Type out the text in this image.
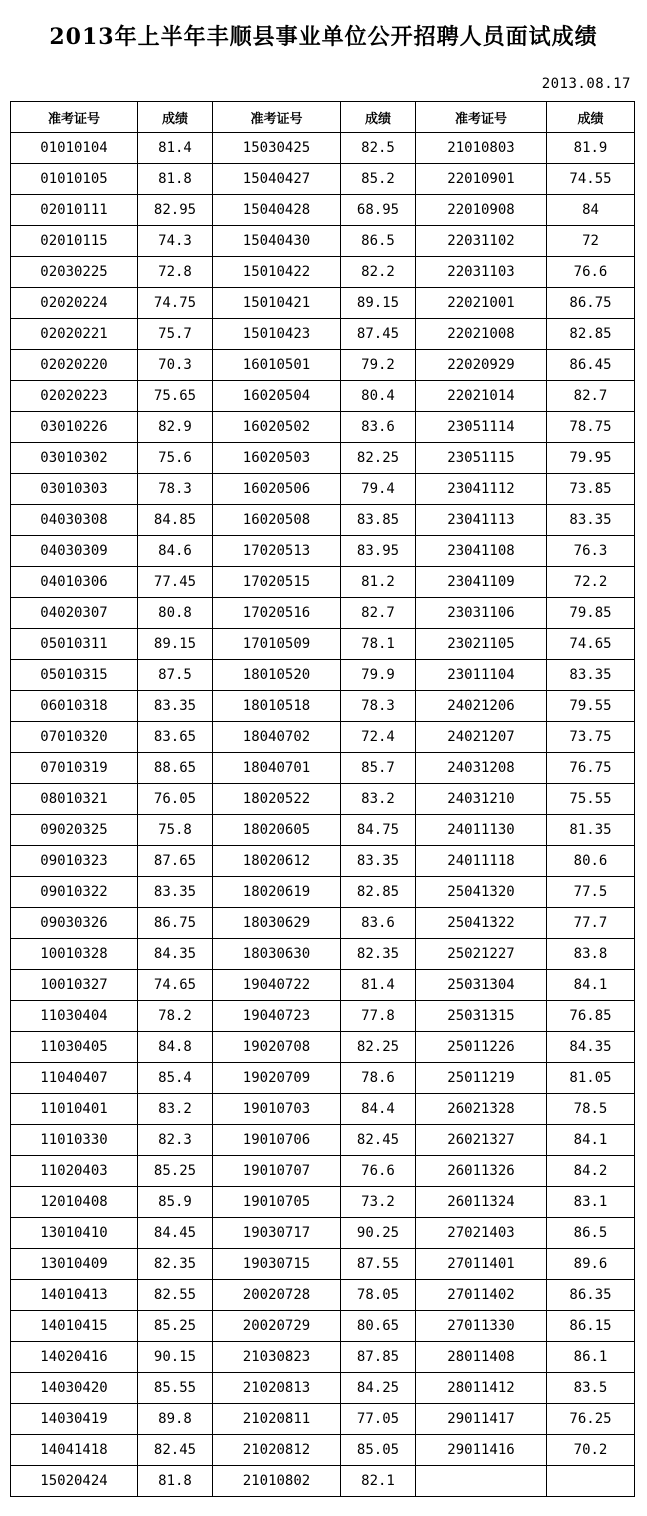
2013年上半年丰顺县事业单位公开招聘人员面试成绩
2013.08.17
准考证号	成绩	准考证号	成绩	准考证号	成绩
01010104	81.4	15030425	82.5	21010803	81.9
01010105	81.8	15040427	85.2	22010901	74.55
02010111	82.95	15040428	68.95	22010908	84
02010115	74.3	15040430	86.5	22031102	72
02030225	72.8	15010422	82.2	22031103	76.6
02020224	74.75	15010421	89.15	22021001	86.75
02020221	75.7	15010423	87.45	22021008	82.85
02020220	70.3	16010501	79.2	22020929	86.45
02020223	75.65	16020504	80.4	22021014	82.7
03010226	82.9	16020502	83.6	23051114	78.75
03010302	75.6	16020503	82.25	23051115	79.95
03010303	78.3	16020506	79.4	23041112	73.85
04030308	84.85	16020508	83.85	23041113	83.35
04030309	84.6	17020513	83.95	23041108	76.3
04010306	77.45	17020515	81.2	23041109	72.2
04020307	80.8	17020516	82.7	23031106	79.85
05010311	89.15	17010509	78.1	23021105	74.65
05010315	87.5	18010520	79.9	23011104	83.35
06010318	83.35	18010518	78.3	24021206	79.55
07010320	83.65	18040702	72.4	24021207	73.75
07010319	88.65	18040701	85.7	24031208	76.75
08010321	76.05	18020522	83.2	24031210	75.55
09020325	75.8	18020605	84.75	24011130	81.35
09010323	87.65	18020612	83.35	24011118	80.6
09010322	83.35	18020619	82.85	25041320	77.5
09030326	86.75	18030629	83.6	25041322	77.7
10010328	84.35	18030630	82.35	25021227	83.8
10010327	74.65	19040722	81.4	25031304	84.1
11030404	78.2	19040723	77.8	25031315	76.85
11030405	84.8	19020708	82.25	25011226	84.35
11040407	85.4	19020709	78.6	25011219	81.05
11010401	83.2	19010703	84.4	26021328	78.5
11010330	82.3	19010706	82.45	26021327	84.1
11020403	85.25	19010707	76.6	26011326	84.2
12010408	85.9	19010705	73.2	26011324	83.1
13010410	84.45	19030717	90.25	27021403	86.5
13010409	82.35	19030715	87.55	27011401	89.6
14010413	82.55	20020728	78.05	27011402	86.35
14010415	85.25	20020729	80.65	27011330	86.15
14020416	90.15	21030823	87.85	28011408	86.1
14030420	85.55	21020813	84.25	28011412	83.5
14030419	89.8	21020811	77.05	29011417	76.25
14041418	82.45	21020812	85.05	29011416	70.2
15020424	81.8	21010802	82.1		
